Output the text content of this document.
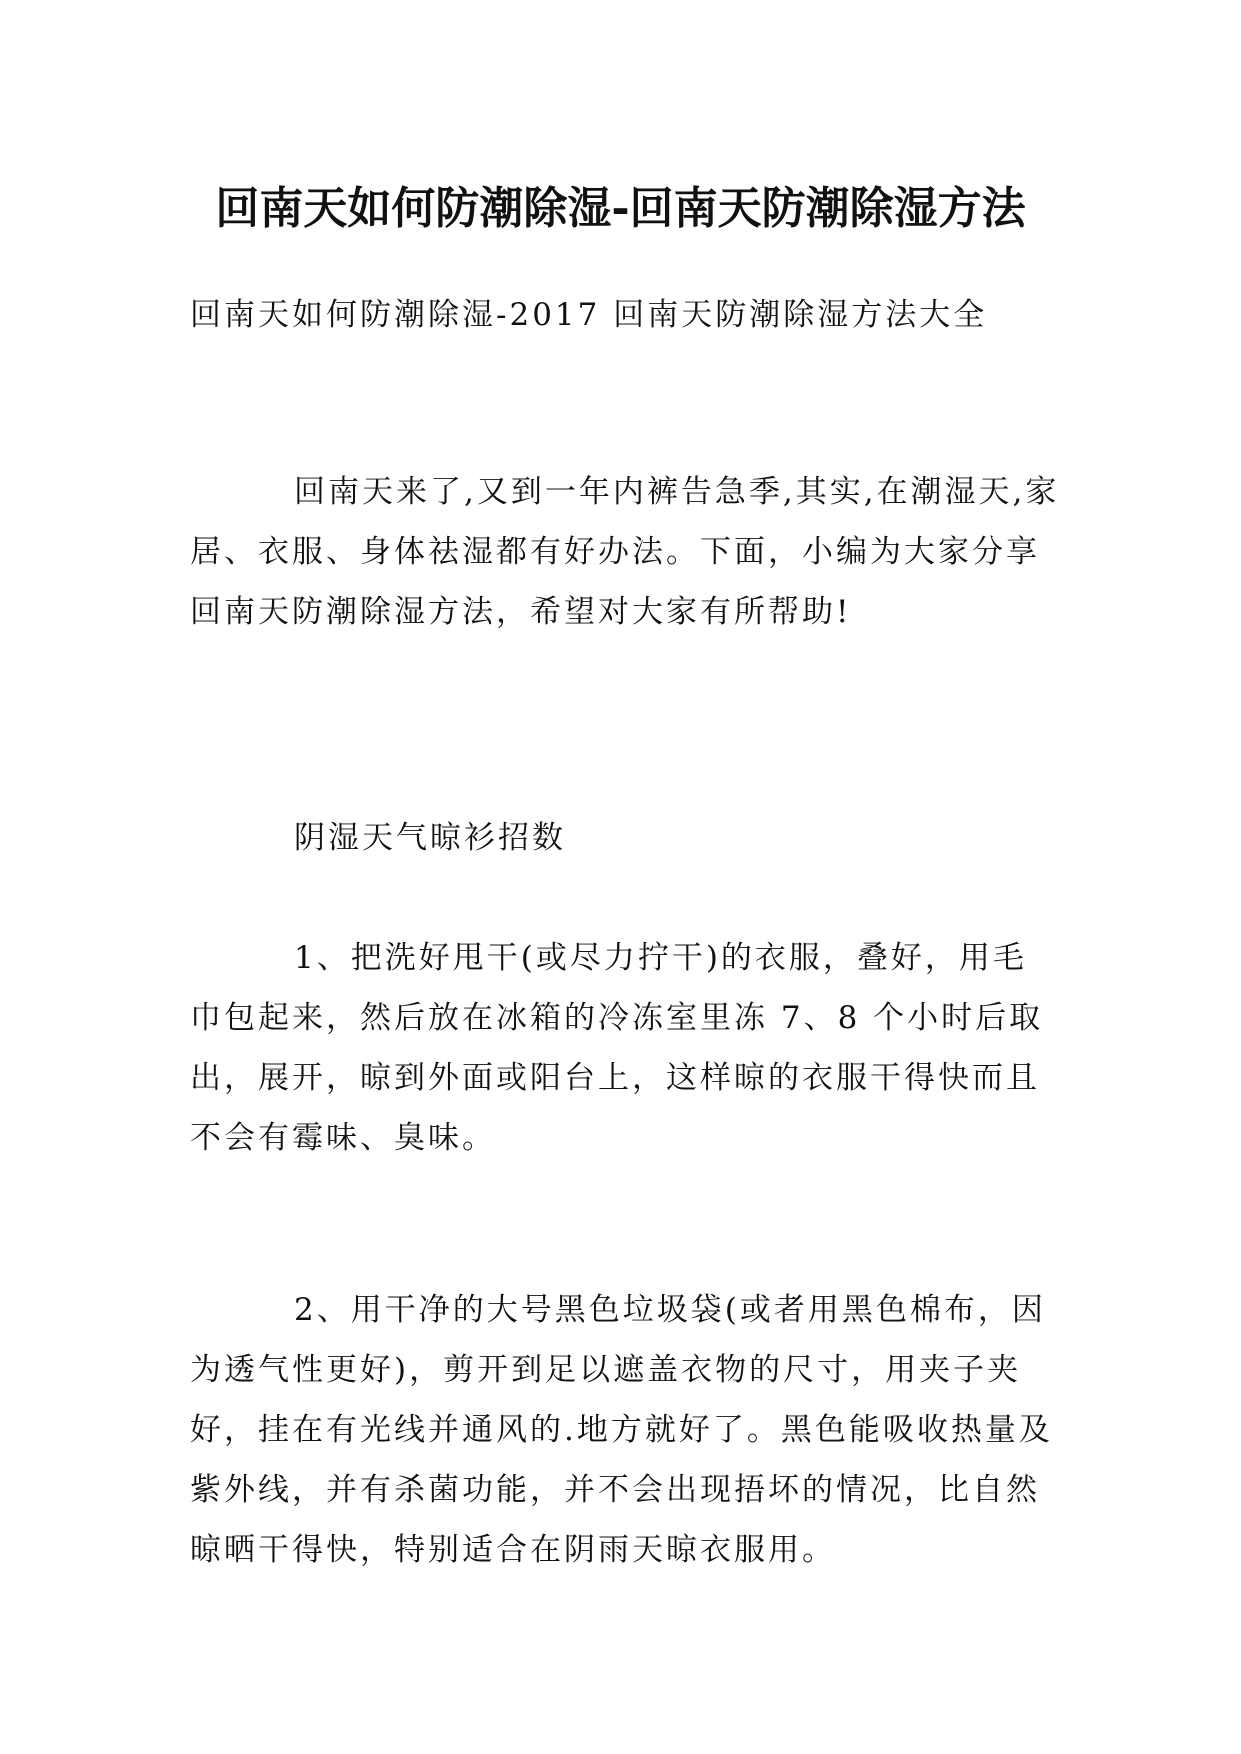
回南天如何防潮除湿-回南天防潮除湿方法

回南天如何防潮除湿-2017 回南天防潮除湿方法大全

回南天来了,又到一年内裤告急季,其实,在潮湿天,家居、衣服、身体祛湿都有好办法。下面，小编为大家分享回南天防潮除湿方法，希望对大家有所帮助!

阴湿天气晾衫招数

1、把洗好甩干(或尽力拧干)的衣服，叠好，用毛巾包起来，然后放在冰箱的冷冻室里冻 7、8 个小时后取出，展开，晾到外面或阳台上，这样晾的衣服干得快而且不会有霉味、臭味。

2、用干净的大号黑色垃圾袋(或者用黑色棉布，因为透气性更好)，剪开到足以遮盖衣物的尺寸，用夹子夹好，挂在有光线并通风的.地方就好了。黑色能吸收热量及紫外线，并有杀菌功能，并不会出现捂坏的情况，比自然晾晒干得快，特别适合在阴雨天晾衣服用。
